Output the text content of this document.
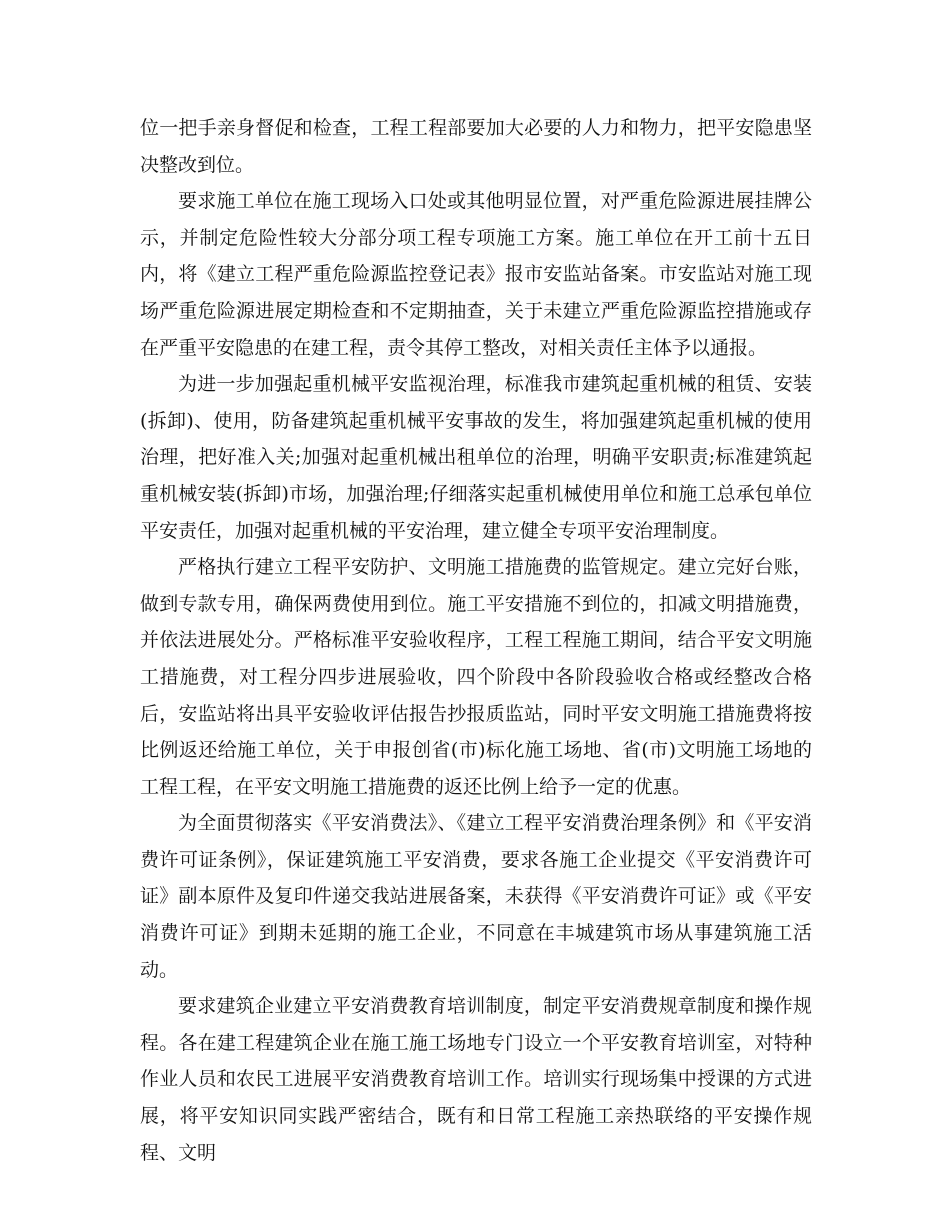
位一把手亲身督促和检查，工程工程部要加大必要的人力和物力，把平安隐患坚决整改到位。

要求施工单位在施工现场入口处或其他明显位置，对严重危险源进展挂牌公示，并制定危险性较大分部分项工程专项施工方案。施工单位在开工前十五日内，将《建立工程严重危险源监控登记表》报市安监站备案。市安监站对施工现场严重危险源进展定期检查和不定期抽查，关于未建立严重危险源监控措施或存在严重平安隐患的在建工程，责令其停工整改，对相关责任主体予以通报。

为进一步加强起重机械平安监视治理，标准我市建筑起重机械的租赁、安装(拆卸)、使用，防备建筑起重机械平安事故的发生，将加强建筑起重机械的使用治理，把好准入关;加强对起重机械出租单位的治理，明确平安职责;标准建筑起重机械安装(拆卸)市场，加强治理;仔细落实起重机械使用单位和施工总承包单位平安责任，加强对起重机械的平安治理，建立健全专项平安治理制度。

严格执行建立工程平安防护、文明施工措施费的监管规定。建立完好台账，做到专款专用，确保两费使用到位。施工平安措施不到位的，扣减文明措施费，并依法进展处分。严格标准平安验收程序，工程工程施工期间，结合平安文明施工措施费，对工程分四步进展验收，四个阶段中各阶段验收合格或经整改合格后，安监站将出具平安验收评估报告抄报质监站，同时平安文明施工措施费将按比例返还给施工单位，关于申报创省(市)标化施工场地、省(市)文明施工场地的工程工程，在平安文明施工措施费的返还比例上给予一定的优惠。

为全面贯彻落实《平安消费法》、《建立工程平安消费治理条例》和《平安消费许可证条例》，保证建筑施工平安消费，要求各施工企业提交《平安消费许可证》副本原件及复印件递交我站进展备案，未获得《平安消费许可证》或《平安消费许可证》到期未延期的施工企业，不同意在丰城建筑市场从事建筑施工活动。

要求建筑企业建立平安消费教育培训制度，制定平安消费规章制度和操作规程。各在建工程建筑企业在施工施工场地专门设立一个平安教育培训室，对特种作业人员和农民工进展平安消费教育培训工作。培训实行现场集中授课的方式进展，将平安知识同实践严密结合，既有和日常工程施工亲热联络的平安操作规程、文明
